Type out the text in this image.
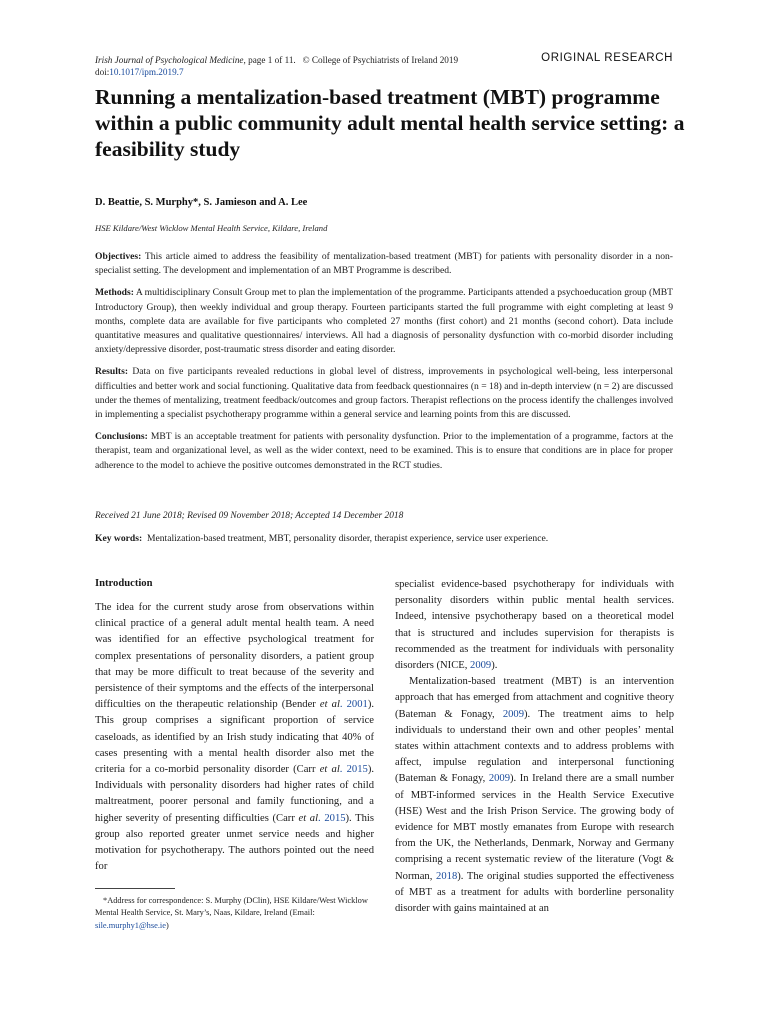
Irish Journal of Psychological Medicine, page 1 of 11. © College of Psychiatrists of Ireland 2019
doi:10.1017/ipm.2019.7
ORIGINAL RESEARCH
Running a mentalization-based treatment (MBT) programme within a public community adult mental health service setting: a feasibility study
D. Beattie, S. Murphy*, S. Jamieson and A. Lee
HSE Kildare/West Wicklow Mental Health Service, Kildare, Ireland

Objectives: This article aimed to address the feasibility of mentalization-based treatment (MBT) for patients with personality disorder in a non-specialist setting. The development and implementation of an MBT Programme is described.

Methods: A multidisciplinary Consult Group met to plan the implementation of the programme. Participants attended a psychoeducation group (MBT Introductory Group), then weekly individual and group therapy. Fourteen participants started the full programme with eight completing at least 9 months, complete data are available for five participants who completed 27 months (first cohort) and 21 months (second cohort). Data include quantitative measures and qualitative questionnaires/ interviews. All had a diagnosis of personality dysfunction with co-morbid disorder including anxiety/depressive disorder, post-traumatic stress disorder and eating disorder.

Results: Data on five participants revealed reductions in global level of distress, improvements in psychological well-being, less interpersonal difficulties and better work and social functioning. Qualitative data from feedback questionnaires (n = 18) and in-depth interview (n = 2) are discussed under the themes of mentalizing, treatment feedback/outcomes and group factors. Therapist reflections on the process identify the challenges involved in implementing a specialist psychotherapy programme within a general service and learning points from this are discussed.

Conclusions: MBT is an acceptable treatment for patients with personality dysfunction. Prior to the implementation of a programme, factors at the therapist, team and organizational level, as well as the wider context, need to be examined. This is to ensure that conditions are in place for proper adherence to the model to achieve the positive outcomes demonstrated in the RCT studies.

Received 21 June 2018; Revised 09 November 2018; Accepted 14 December 2018
Key words: Mentalization-based treatment, MBT, personality disorder, therapist experience, service user experience.
Introduction

The idea for the current study arose from observations within clinical practice of a general adult mental health team. A need was identified for an effective psychological treatment for complex presentations of personality disorders, a patient group that may be more difficult to treat because of the severity and persistence of their symptoms and the effects of the interpersonal difficulties on the therapeutic relationship (Bender et al. 2001). This group comprises a significant proportion of service caseloads, as identified by an Irish study indicating that 40% of cases presenting with a mental health disorder also met the criteria for a co-morbid personality disorder (Carr et al. 2015). Individuals with personality disorders had higher rates of child maltreatment, poorer personal and family functioning, and a higher severity of presenting difficulties (Carr et al. 2015). This group also reported greater unmet service needs and higher motivation for psychotherapy. The authors pointed out the need for

specialist evidence-based psychotherapy for individuals with personality disorders within public mental health services. Indeed, intensive psychotherapy based on a theoretical model that is structured and includes supervision for therapists is recommended as the treatment for individuals with personality disorders (NICE, 2009).

Mentalization-based treatment (MBT) is an intervention approach that has emerged from attachment and cognitive theory (Bateman & Fonagy, 2009). The treatment aims to help individuals to understand their own and other peoples’ mental states within attachment contexts and to address problems with affect, impulse regulation and interpersonal functioning (Bateman & Fonagy, 2009). In Ireland there are a small number of MBT-informed services in the Health Service Executive (HSE) West and the Irish Prison Service. The growing body of evidence for MBT mostly emanates from Europe with research from the UK, the Netherlands, Denmark, Norway and Germany comprising a recent systematic review of the literature (Vogt & Norman, 2018). The original studies supported the effectiveness of MBT as a treatment for adults with borderline personality disorder with gains maintained at an

*Address for correspondence: S. Murphy (DClin), HSE Kildare/West Wicklow Mental Health Service, St. Mary’s, Naas, Kildare, Ireland (Email: sile.murphy1@hse.ie)
